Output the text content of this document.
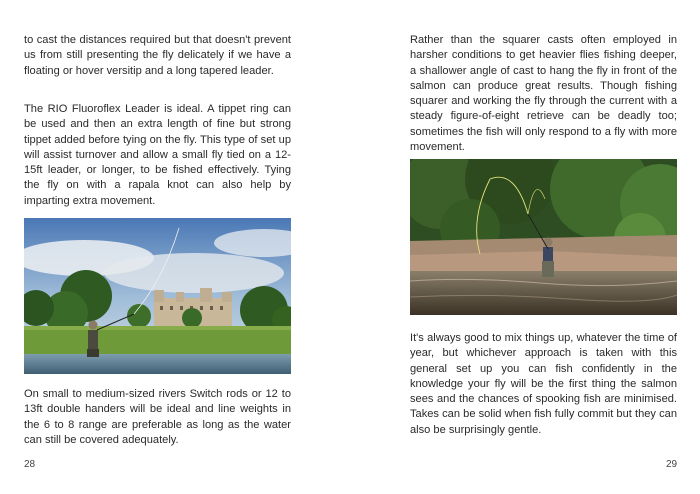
to cast the distances required but that doesn't prevent us from still presenting the fly delicately if we have a floating or hover versitip and a long tapered leader.

The RIO Fluoroflex Leader is ideal. A tippet ring can be used and then an extra length of fine but strong tippet added before tying on the fly. This type of set up will assist turnover and allow a small fly tied on a 12-15ft leader, or longer, to be fished effectively. Tying the fly on with a rapala knot can also help by imparting extra movement.

On small to medium-sized rivers Switch rods or 12 to 13ft double handers will be ideal and line weights in the 6 to 8 range are preferable as long as the water can still be covered adequately.

28

Rather than the squarer casts often employed in harsher conditions to get heavier flies fishing deeper, a shallower angle of cast to hang the fly in front of the salmon can produce great results. Though fishing squarer and working the fly through the current with a steady figure-of-eight retrieve can be deadly too; sometimes the fish will only respond to a fly with more movement.

It's always good to mix things up, whatever the time of year, but whichever approach is taken with this general set up you can fish confidently in the knowledge your fly will be the first thing the salmon sees and the chances of spooking fish are minimised. Takes can be solid when fish fully commit but they can also be surprisingly gentle.

29
